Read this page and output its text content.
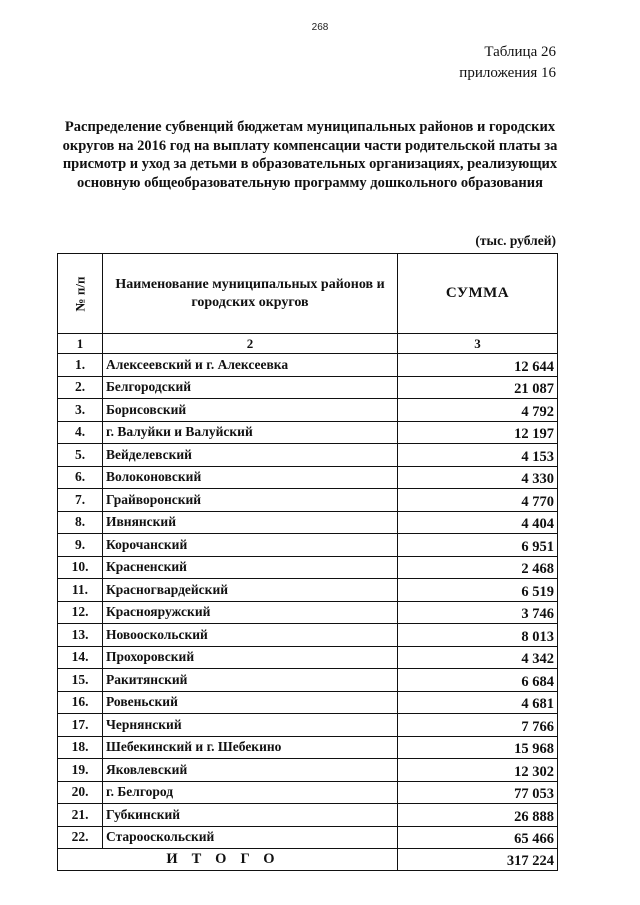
268
Таблица 26
приложения 16
Распределение субвенций бюджетам муниципальных районов и городских округов на 2016 год на выплату компенсации части родительской платы за присмотр и уход за детьми в образовательных организациях, реализующих основную общеобразовательную программу дошкольного образования
(тыс. рублей)
№ п/п	Наименование муниципальных районов и городских округов	СУММА
1	2	3
1.	Алексеевский и г. Алексеевка	12 644
2.	Белгородский	21 087
3.	Борисовский	4 792
4.	г. Валуйки и Валуйский	12 197
5.	Вейделевский	4 153
6.	Волоконовский	4 330
7.	Грайворонский	4 770
8.	Ивнянский	4 404
9.	Корочанский	6 951
10.	Красненский	2 468
11.	Красногвардейский	6 519
12.	Краснояружский	3 746
13.	Новооскольский	8 013
14.	Прохоровский	4 342
15.	Ракитянский	6 684
16.	Ровеньский	4 681
17.	Чернянский	7 766
18.	Шебекинский и г. Шебекино	15 968
19.	Яковлевский	12 302
20.	г. Белгород	77 053
21.	Губкинский	26 888
22.	Старооскольский	65 466
ИТОГО		317 224
